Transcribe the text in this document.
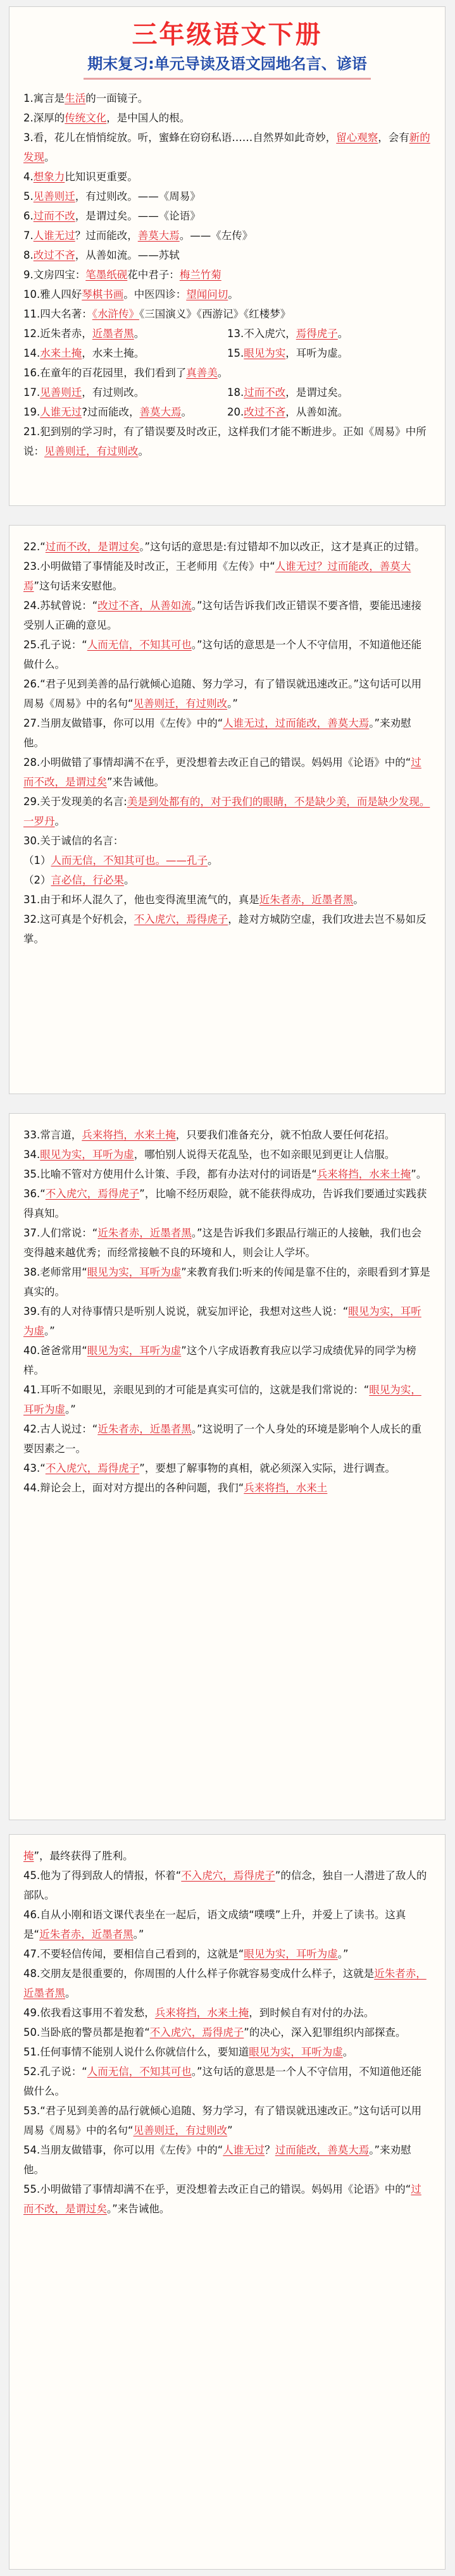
三年级语文下册
期末复习:单元导读及语文园地名言、谚语
1.寓言是生活的一面镜子。
2.深厚的传统文化，是中国人的根。
3.看，花儿在悄悄绽放。听，蜜蜂在窃窃私语……自然界如此奇妙，留心观察，会有新的发现。
4.想象力比知识更重要。
5.见善则迁，有过则改。——《周易》
6.过而不改，是谓过矣。——《论语》
7.人谁无过？过而能改，善莫大焉。——《左传》
8.改过不吝，从善如流。——苏轼
9.文房四宝：笔墨纸砚花中君子：梅兰竹菊
10.雅人四好琴棋书画。中医四诊：望闻问切。
11.四大名著：《水浒传》《三国演义》《西游记》《红楼梦》
12.近朱者赤，近墨者黑。	13.不入虎穴，焉得虎子。
14.水来土掩，水来土掩。	15.眼见为实，耳听为虚。
16.在童年的百花园里，我们看到了真善美。
17.见善则迁，有过则改。	18.过而不改，是谓过矣。
19.人谁无过?过而能改，善莫大焉。	20.改过不吝，从善如流。
21.犯到别的学习时，有了错误要及时改正，这样我们才能不断进步。正如《周易》中所说：见善则迁，有过则改。
22.“过而不改，是谓过矣。”这句话的意思是:有过错却不加以改正，这才是真正的过错。
23.小明做错了事情能及时改正，王老师用《左传》中“人谁无过？过而能改，善莫大焉”这句话来安慰他。
24.苏轼曾说：“改过不吝，从善如流。”这句话告诉我们改正错误不要吝惜，要能迅速接受别人正确的意见。
25.孔子说：“人而无信，不知其可也。”这句话的意思是一个人不守信用，不知道他还能做什么。
26.“君子见到美善的品行就倾心追随、努力学习，有了错误就迅速改正。”这句话可以用周易《周易》中的名句“见善则迁，有过则改。”
27.当朋友做错事，你可以用《左传》中的“人谁无过，过而能改，善莫大焉。”来劝慰他。
28.小明做错了事情却满不在乎，更没想着去改正自己的错误。妈妈用《论语》中的“过而不改，是谓过矣”来告诫他。
29.关于发现美的名言:美是到处都有的，对于我们的眼睛，不是缺少美，而是缺少发现。一罗丹。
30.关于诚信的名言：
（1）人而无信，不知其可也。——孔子。
（2）言必信，行必果。
31.由于和坏人混久了，他也变得流里流气的，真是近朱者赤，近墨者黑。
32.这可真是个好机会，不入虎穴，焉得虎子，趁对方城防空虚，我们攻进去岂不易如反掌。
33.常言道，兵来将挡，水来土掩，只要我们准备充分，就不怕敌人要任何花招。
34.眼见为实，耳听为虚，哪怕别人说得天花乱坠，也不如亲眼见到更让人信服。
35.比喻不管对方使用什么计策、手段，都有办法对付的词语是“兵来将挡，水来土掩”。
36.“不入虎穴，焉得虎子”，比喻不经历艰险，就不能获得成功，告诉我们要通过实践获得真知。
37.人们常说：“近朱者赤，近墨者黑。”这是告诉我们多跟品行端正的人接触，我们也会变得越来越优秀；而经常接触不良的环境和人，则会让人学坏。
38.老师常用“眼见为实，耳听为虚”来教育我们:听来的传闻是靠不住的，亲眼看到才算是真实的。
39.有的人对待事情只是听别人说说，就妄加评论，我想对这些人说：“眼见为实，耳听为虚。”
40.爸爸常用“眼见为实，耳听为虚”这个八字成语教育我应以学习成绩优异的同学为榜样。
41.耳听不如眼见，亲眼见到的才可能是真实可信的，这就是我们常说的：“眼见为实，耳听为虚。”
42.古人说过：“近朱者赤，近墨者黑。”这说明了一个人身处的环境是影响个人成长的重要因素之一。
43.“不入虎穴，焉得虎子”，要想了解事物的真相，就必须深入实际，进行调查。
44.辩论会上，面对对方提出的各种问题，我们“兵来将挡，水来土
掩”，最终获得了胜利。
45.他为了得到敌人的情报，怀着“不入虎穴，焉得虎子”的信念，独自一人潜进了敌人的部队。
46.自从小刚和语文课代表坐在一起后，语文成绩“噗噗”上升，并爱上了读书。这真是“近朱者赤，近墨者黑。”
47.不要轻信传闻，要相信自己看到的，这就是“眼见为实，耳听为虚。”
48.交朋友是很重要的，你周围的人什么样子你就容易变成什么样子，这就是近朱者赤，近墨者黑。
49.依我看这事用不着发愁，兵来将挡，水来土掩，到时候自有对付的办法。
50.当卧底的警员都是抱着“不入虎穴，焉得虎子”的决心，深入犯罪组织内部探查。
51.任何事情不能别人说什么你就信什么，要知道眼见为实，耳听为虚。
52.孔子说：“人而无信，不知其可也。”这句话的意思是一个人不守信用，不知道他还能做什么。
53.“君子见到美善的品行就倾心追随、努力学习，有了错误就迅速改正。”这句话可以用周易《周易》中的名句“见善则迁，有过则改”
54.当朋友做错事，你可以用《左传》中的“人谁无过？过而能改，善莫大焉。”来劝慰他。
55.小明做错了事情却满不在乎，更没想着去改正自己的错误。妈妈用《论语》中的“过而不改，是谓过矣。”来告诫他。
